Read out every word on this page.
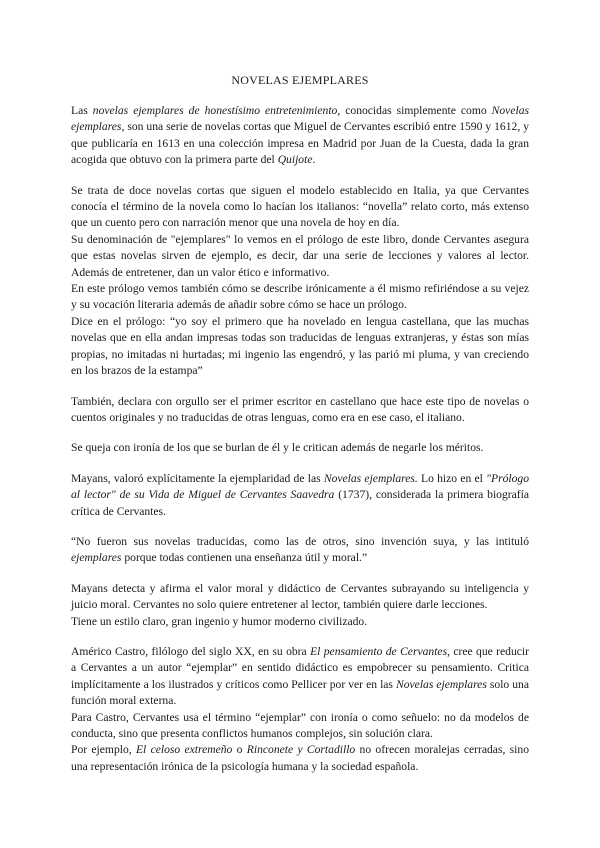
NOVELAS EJEMPLARES

Las novelas ejemplares de honestísimo entretenimiento, conocidas simplemente como Novelas ejemplares, son una serie de novelas cortas que Miguel de Cervantes escribió entre 1590 y 1612, y que publicaría en 1613 en una colección impresa en Madrid por Juan de la Cuesta, dada la gran acogida que obtuvo con la primera parte del Quijote.

Se trata de doce novelas cortas que siguen el modelo establecido en Italia, ya que Cervantes conocía el término de la novela como lo hacían los italianos: “novella” relato corto, más extenso que un cuento pero con narración menor que una novela de hoy en día.

Su denominación de "ejemplares" lo vemos en el prólogo de este libro, donde Cervantes asegura que estas novelas sirven de ejemplo, es decir, dar una serie de lecciones y valores al lector. Además de entretener, dan un valor ético e informativo.

En este prólogo vemos también cómo se describe irónicamente a él mismo refiriéndose a su vejez y su vocación literaria además de añadir sobre cómo se hace un prólogo.

Dice en el prólogo: “yo soy el primero que ha novelado en lengua castellana, que las muchas novelas que en ella andan impresas todas son traducidas de lenguas extranjeras, y éstas son mías propias, no imitadas ni hurtadas; mi ingenio las engendró, y las parió mi pluma, y van creciendo en los brazos de la estampa”

También, declara con orgullo ser el primer escritor en castellano que hace este tipo de novelas o cuentos originales y no traducidas de otras lenguas, como era en ese caso, el italiano.

Se queja con ironía de los que se burlan de él y le critican además de negarle los méritos.

Mayans, valoró explícitamente la ejemplaridad de las Novelas ejemplares. Lo hizo en el "Prólogo al lector" de su Vida de Miguel de Cervantes Saavedra (1737), considerada la primera biografía crítica de Cervantes.

“No fueron sus novelas traducidas, como las de otros, sino invención suya, y las intituló ejemplares porque todas contienen una enseñanza útil y moral.”

Mayans detecta y afirma el valor moral y didáctico de Cervantes subrayando su inteligencia y juicio moral. Cervantes no solo quiere entretener al lector, también quiere darle lecciones.

Tiene un estilo claro, gran ingenio y humor moderno civilizado.

Américo Castro, filólogo del siglo XX, en su obra El pensamiento de Cervantes, cree que reducir a Cervantes a un autor “ejemplar” en sentido didáctico es empobrecer su pensamiento. Critica implícitamente a los ilustrados y críticos como Pellicer por ver en las Novelas ejemplares solo una función moral externa.

Para Castro, Cervantes usa el término “ejemplar” con ironía o como señuelo: no da modelos de conducta, sino que presenta conflictos humanos complejos, sin solución clara.

Por ejemplo, El celoso extremeño o Rinconete y Cortadillo no ofrecen moralejas cerradas, sino una representación irónica de la psicología humana y la sociedad española.
